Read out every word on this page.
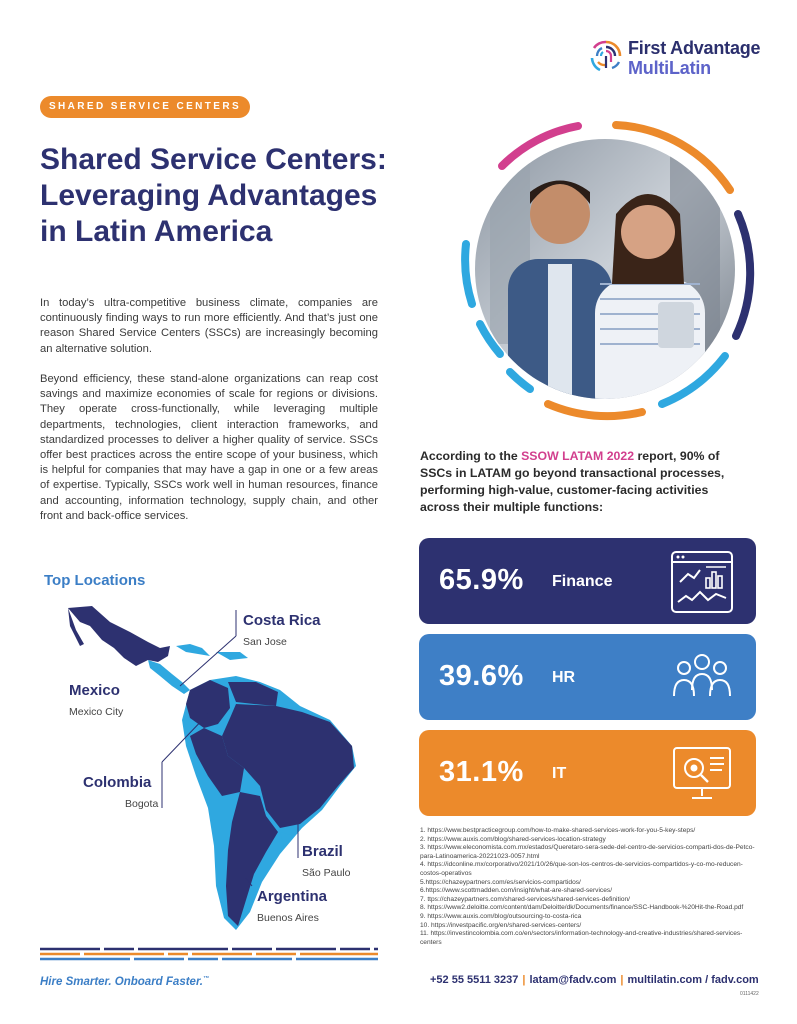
First Advantage
MultiLatin
SHARED SERVICE CENTERS
Shared Service Centers: Leveraging Advantages in Latin America

In today’s ultra-competitive business climate, companies are continuously finding ways to run more efficiently. And that’s just one reason Shared Service Centers (SSCs) are increasingly becoming an alternative solution.

Beyond efficiency, these stand-alone organizations can reap cost savings and maximize economies of scale for regions or divisions. They operate cross-functionally, while leveraging multiple departments, technologies, client interaction frameworks, and standardized processes to deliver a higher quality of service. SSCs offer best practices across the entire scope of your business, which is helpful for companies that may have a gap in one or a few areas of expertise. Typically, SSCs work well in human resources, finance and accounting, information technology, supply chain, and other front and back-office services.

According to the SSOW LATAM 2022 report, 90% of SSCs in LATAM go beyond transactional processes, performing high-value, customer-facing activities across their multiple functions:

65.9% Finance
39.6% HR
31.1% IT
Top Locations
Costa Rica
San Jose
Mexico
Mexico City
Colombia
Bogota
Brazil
São Paulo
Argentina
Buenos Aires
1. https://www.bestpracticegroup.com/how-to-make-shared-services-work-for-you-5-key-steps/
2. https://www.auxis.com/blog/shared-services-location-strategy
3. https://www.eleconomista.com.mx/estados/Queretaro-sera-sede-del-centro-de-servicios-comparti-dos-de-Petco-para-Latinoamerica-20221023-0057.html
4. https://idconline.mx/corporativo/2021/10/26/que-son-los-centros-de-servicios-compartidos-y-co-mo-reducen-costos-operativos
5.https://chazeypartners.com/es/servicios-compartidos/
6.https://www.scottmadden.com/insight/what-are-shared-services/
7. ttps://chazeypartners.com/shared-services/shared-services-definition/
8. https://www2.deloitte.com/content/dam/Deloitte/dk/Documents/finance/SSC-Handbook-%20Hit-the-Road.pdf
9. https://www.auxis.com/blog/outsourcing-to-costa-rica
10. https://investpacific.org/en/shared-services-centers/
11. https://investincolombia.com.co/en/sectors/information-technology-and-creative-industries/shared-services-centers
Hire Smarter. Onboard Faster.™	+52 55 5511 3237 | latam@fadv.com | multilatin.com / fadv.com
0111422
